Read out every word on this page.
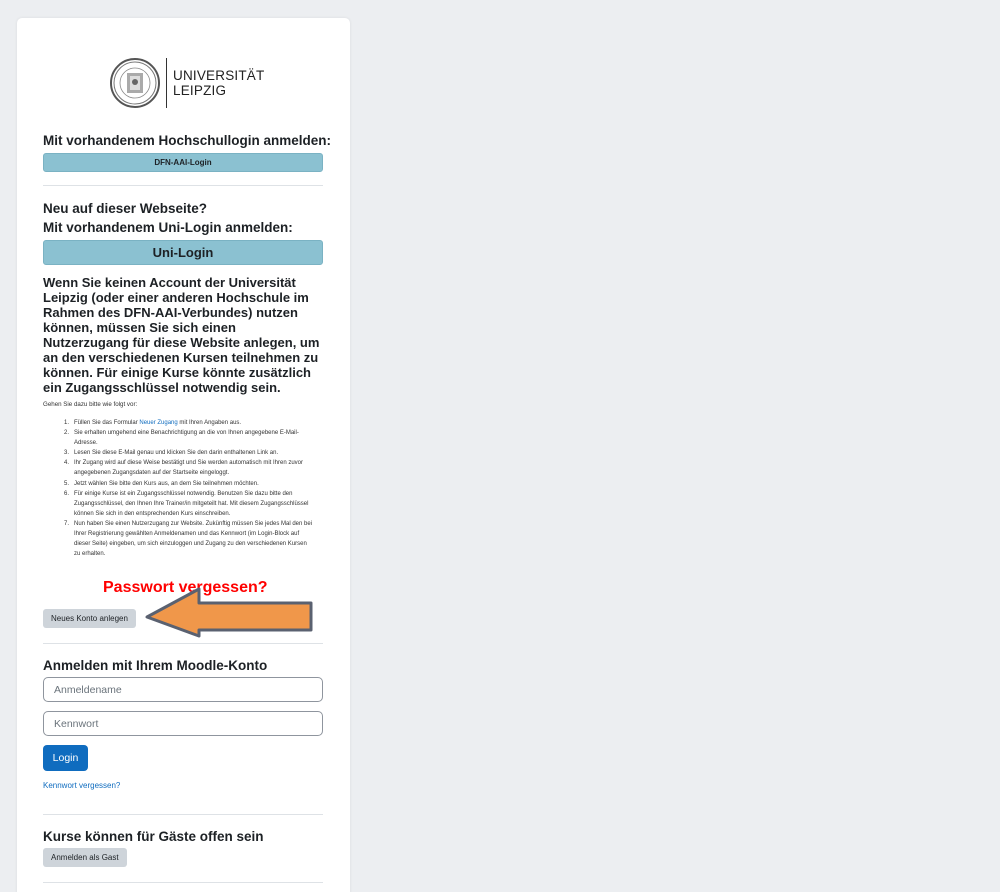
UNIVERSITÄT
LEIPZIG
Mit vorhandenem Hochschullogin anmelden:
DFN-AAI-Login
Neu auf dieser Webseite?
Mit vorhandenem Uni-Login anmelden:
Uni-Login
Wenn Sie keinen Account der Universität Leipzig (oder einer anderen Hochschule im Rahmen des DFN-AAI-Verbundes) nutzen können, müssen Sie sich einen Nutzerzugang für diese Website anlegen, um an den verschiedenen Kursen teilnehmen zu können. Für einige Kurse könnte zusätzlich ein Zugangsschlüssel notwendig sein.
Gehen Sie dazu bitte wie folgt vor:
1. Füllen Sie das Formular Neuer Zugang mit Ihren Angaben aus.
2. Sie erhalten umgehend eine Benachrichtigung an die von Ihnen angegebene E-Mail-Adresse.
3. Lesen Sie diese E-Mail genau und klicken Sie den darin enthaltenen Link an.
4. Ihr Zugang wird auf diese Weise bestätigt und Sie werden automatisch mit Ihren zuvor angegebenen Zugangsdaten auf der Startseite eingeloggt.
5. Jetzt wählen Sie bitte den Kurs aus, an dem Sie teilnehmen möchten.
6. Für einige Kurse ist ein Zugangsschlüssel notwendig. Benutzen Sie dazu bitte den Zugangsschlüssel, den Ihnen Ihre Trainer/in mitgeteilt hat. Mit diesem Zugangsschlüssel können Sie sich in den entsprechenden Kurs einschreiben.
7. Nun haben Sie einen Nutzerzugang zur Website. Zukünftig müssen Sie jedes Mal den bei Ihrer Registrierung gewählten Anmeldenamen und das Kennwort (im Login-Block auf dieser Seite) eingeben, um sich einzuloggen und Zugang zu den verschiedenen Kursen zu erhalten.
Passwort vergessen?
Neues Konto anlegen
Anmelden mit Ihrem Moodle-Konto
Anmeldename
Kennwort
Login
Kennwort vergessen?
Kurse können für Gäste offen sein
Anmelden als Gast
